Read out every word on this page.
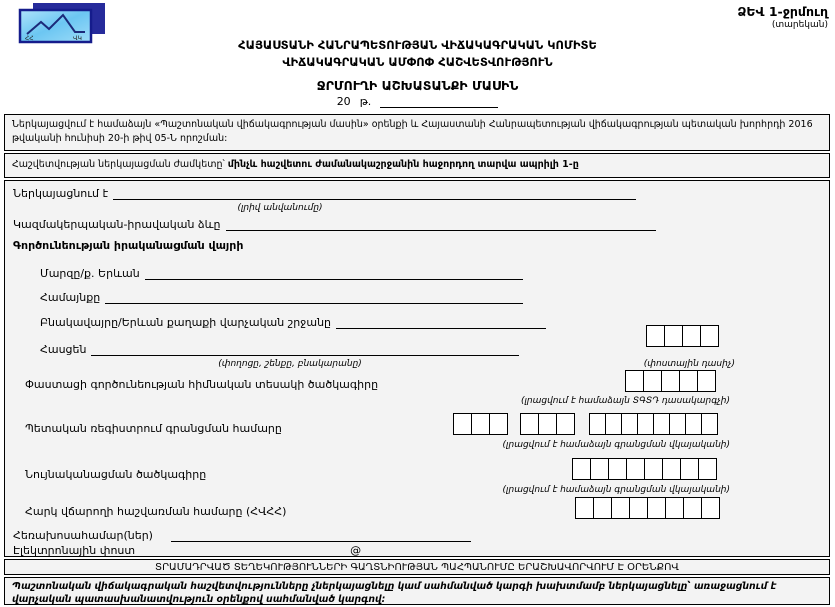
ՀՀ	ՎԿ
ՁԵՎ 1-ջրմուղ
(տարեկան)
ՀԱՅԱՍՏԱՆԻ ՀԱՆՐԱՊԵՏՈՒԹՅԱՆ ՎԻՃԱԿԱԳՐԱԿԱՆ ԿՈՄԻՏԵ
ՎԻՃԱԿԱԳՐԱԿԱՆ ԱՄՓՈՓ ՀԱՇՎԵՏՎՈՒԹՅՈՒՆ
ՋՐՄՈՒՂԻ ԱՇԽԱՏԱՆՔԻ ՄԱՍԻՆ
20 թ.
Ներկայացվում է համաձայն «Պաշտոնական վիճակագրության մասին» օրենքի և Հայաստանի Հանրապետության վիճակագրության պետական խորհրդի 2016 թվականի հունիսի 20-ի թիվ 05-Ն որոշման:
Հաշվետվության ներկայացման ժամկետը՝ մինչև հաշվետու ժամանակաշրջանին հաջորդող տարվա ապրիլի 1-ը
Ներկայացնում է
(լրիվ անվանումը)
Կազմակերպական-իրավական ձևը
Գործունեության իրականացման վայրի
Մարզը/ք. Երևան
Համայնքը
Բնակավայրը/Երևան քաղաքի վարչական շրջանը
Հասցեն
(փողոցը, շենքը, բնակարանը)	(փոստային դասիչ)
Փաստացի գործունեության հիմնական տեսակի ծածկագիրը
(լրացվում է համաձայն ՏԳՏԴ դասակարգչի)
Պետական ռեգիստրում գրանցման համարը
(լրացվում է համաձայն գրանցման վկայականի)
Նույնականացման ծածկագիրը
(լրացվում է համաձայն գրանցման վկայականի)
Հարկ վճարողի հաշվառման համարը (ՀՎՀՀ)
Հեռախոսահամար(ներ)
Էլեկտրոնային փոստ	@
ՏՐԱՄԱԴՐՎԱԾ ՏԵՂԵԿՈՒԹՅՈՒՆՆԵՐԻ ԳԱՂՏՆԻՈՒԹՅԱՆ ՊԱՀՊԱՆՈՒՄԸ ԵՐԱՇԽԱՎՈՐՎՈՒՄ Է ՕՐԵՆՔՈՎ
Պաշտոնական վիճակագրական հաշվետվությունները չներկայացնելը կամ սահմանված կարգի խախտմամբ ներկայացնելը՝ առաջացնում է վարչական պատասխանատվություն օրենքով սահմանված կարգով:
